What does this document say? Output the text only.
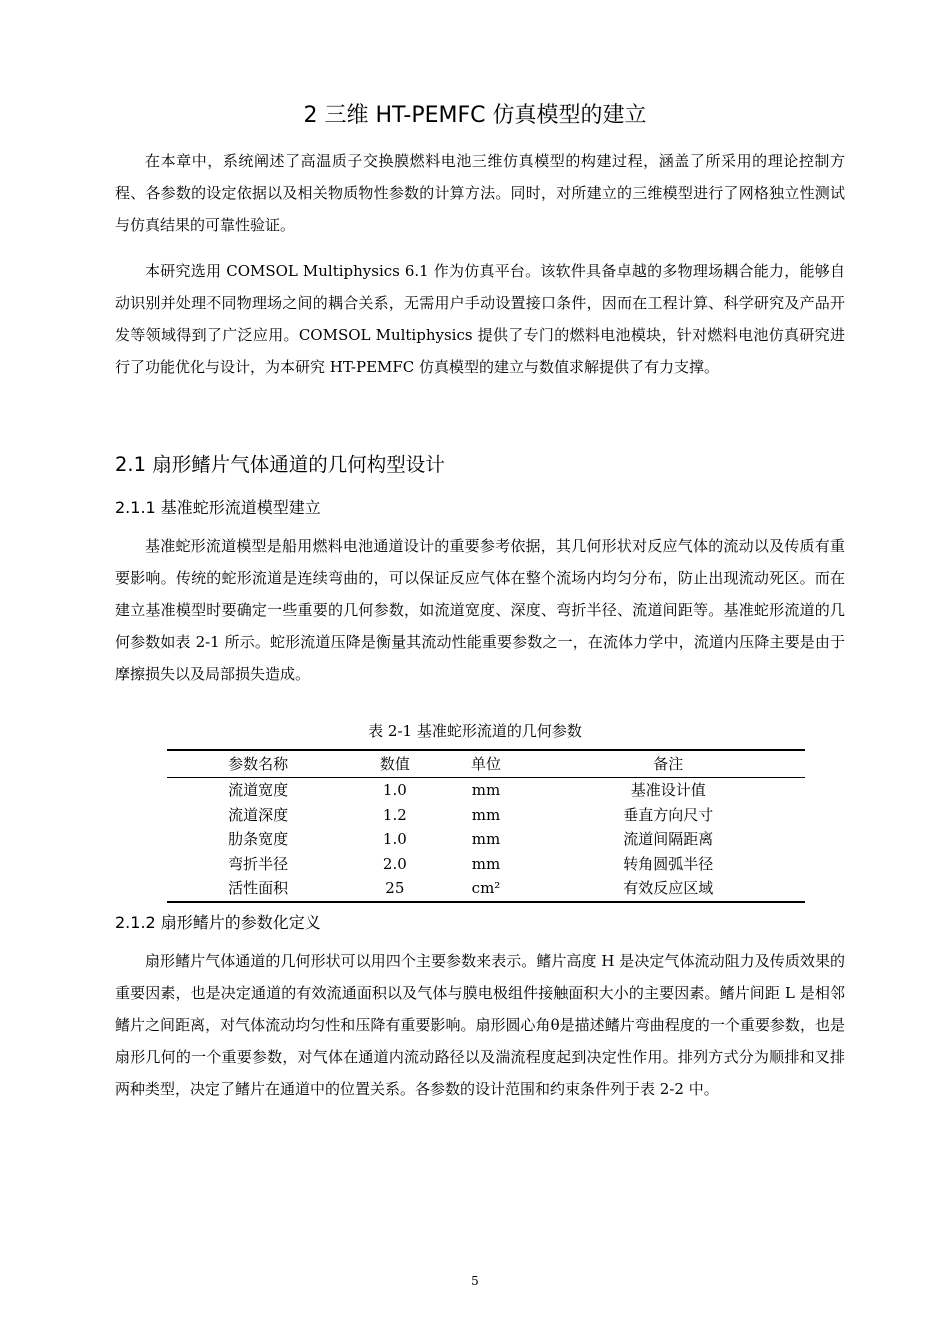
2 三维 HT-PEMFC 仿真模型的建立

在本章中，系统阐述了高温质子交换膜燃料电池三维仿真模型的构建过程，涵盖了所采用的理论控制方程、各参数的设定依据以及相关物质物性参数的计算方法。同时，对所建立的三维模型进行了网格独立性测试与仿真结果的可靠性验证。

本研究选用 COMSOL Multiphysics 6.1 作为仿真平台。该软件具备卓越的多物理场耦合能力，能够自动识别并处理不同物理场之间的耦合关系，无需用户手动设置接口条件，因而在工程计算、科学研究及产品开发等领域得到了广泛应用。COMSOL Multiphysics 提供了专门的燃料电池模块，针对燃料电池仿真研究进行了功能优化与设计，为本研究 HT-PEMFC 仿真模型的建立与数值求解提供了有力支撑。

2.1 扇形鳍片气体通道的几何构型设计
2.1.1 基准蛇形流道模型建立

基准蛇形流道模型是船用燃料电池通道设计的重要参考依据，其几何形状对反应气体的流动以及传质有重要影响。传统的蛇形流道是连续弯曲的，可以保证反应气体在整个流场内均匀分布，防止出现流动死区。而在建立基准模型时要确定一些重要的几何参数，如流道宽度、深度、弯折半径、流道间距等。基准蛇形流道的几何参数如表 2-1 所示。蛇形流道压降是衡量其流动性能重要参数之一，在流体力学中，流道内压降主要是由于摩擦损失以及局部损失造成。

表 2-1 基准蛇形流道的几何参数
参数名称	数值	单位	备注
流道宽度	1.0	mm	基准设计值
流道深度	1.2	mm	垂直方向尺寸
肋条宽度	1.0	mm	流道间隔距离
弯折半径	2.0	mm	转角圆弧半径
活性面积	25	cm²	有效反应区域
2.1.2 扇形鳍片的参数化定义

扇形鳍片气体通道的几何形状可以用四个主要参数来表示。鳍片高度 H 是决定气体流动阻力及传质效果的重要因素，也是决定通道的有效流通面积以及气体与膜电极组件接触面积大小的主要因素。鳍片间距 L 是相邻鳍片之间距离，对气体流动均匀性和压降有重要影响。扇形圆心角θ是描述鳍片弯曲程度的一个重要参数，也是扇形几何的一个重要参数，对气体在通道内流动路径以及湍流程度起到决定性作用。排列方式分为顺排和叉排两种类型，决定了鳍片在通道中的位置关系。各参数的设计范围和约束条件列于表 2-2 中。

5
